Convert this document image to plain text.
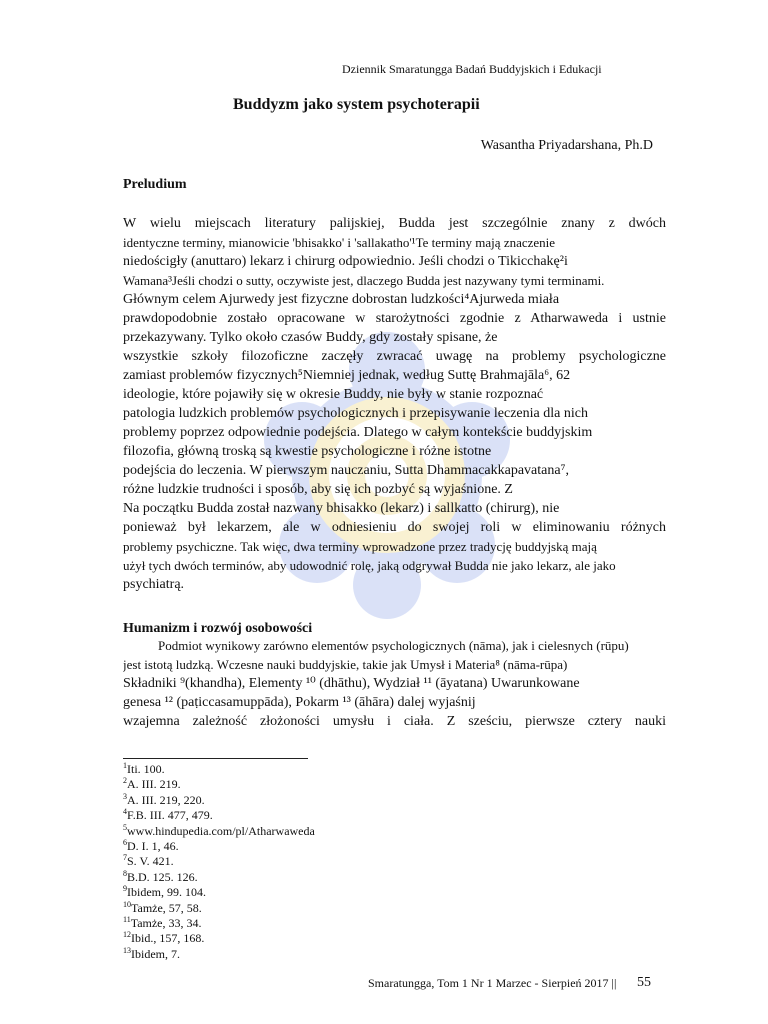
Dziennik Smaratungga Badań Buddyjskich i Edukacji
Buddyzm jako system psychoterapii
Wasantha Priyadarshana, Ph.D
Preludium
W wielu miejscach literatury palijskiej, Budda jest szczególnie znany z dwóch
identyczne terminy, mianowicie 'bhisakko' i 'sallakatho'¹Te terminy mają znaczenie
niedościgły (anuttaro) lekarz i chirurg odpowiednio. Jeśli chodzi o Tikicchakę²i
Wamana³Jeśli chodzi o sutty, oczywiste jest, dlaczego Budda jest nazywany tymi terminami.
Głównym celem Ajurwedy jest fizyczne dobrostan ludzkości⁴Ajurweda miała
prawdopodobnie zostało opracowane w starożytności zgodnie z Atharwaweda i ustnie
przekazywany. Tylko około czasów Buddy, gdy zostały spisane, że
wszystkie szkoły filozoficzne zaczęły zwracać uwagę na problemy psychologiczne
zamiast problemów fizycznych⁵Niemniej jednak, według Suttę Brahmajāla⁶, 62
ideologie, które pojawiły się w okresie Buddy, nie były w stanie rozpoznać
patologia ludzkich problemów psychologicznych i przepisywanie leczenia dla nich
problemy poprzez odpowiednie podejścia. Dlatego w całym kontekście buddyjskim
filozofia, główną troską są kwestie psychologiczne i różne istotne
podejścia do leczenia. W pierwszym nauczaniu, Sutta Dhammacakkapavatana⁷,
różne ludzkie trudności i sposób, aby się ich pozbyć są wyjaśnione. Z
Na początku Budda został nazwany bhisakko (lekarz) i sallkatto (chirurg), nie
ponieważ był lekarzem, ale w odniesieniu do swojej roli w eliminowaniu różnych
problemy psychiczne. Tak więc, dwa terminy wprowadzone przez tradycję buddyjską mają
użył tych dwóch terminów, aby udowodnić rolę, jaką odgrywał Budda nie jako lekarz, ale jako
psychiatrą.
Humanizm i rozwój osobowości
Podmiot wynikowy zarówno elementów psychologicznych (nāma), jak i cielesnych (rūpu)
jest istotą ludzką. Wczesne nauki buddyjskie, takie jak Umysł i Materia⁸ (nāma-rūpa)
Składniki ⁹(khandha), Elementy ¹⁰ (dhāthu), Wydział ¹¹ (āyatana) Uwarunkowane
genesa ¹² (paṭiccasamuppāda), Pokarm ¹³ (āhāra) dalej wyjaśnij
wzajemna zależność złożoności umysłu i ciała. Z sześciu, pierwsze cztery nauki
$^1$Iti. 100.
$^2$A. III. 219.
$^3$A. III. 219, 220.
$^4$F.B. III. 477, 479.
$^5$www.hindupedia.com/pl/Atharwaweda
$^6$D. I. 1, 46.
$^7$S. V. 421.
$^8$B.D. 125. 126.
$^9$Ibidem, 99. 104.
$^{10}$Tamże, 57, 58.
$^{11}$Tamże, 33, 34.
$^{12}$Ibid., 157, 168.
$^{13}$Ibidem, 7.
Smaratungga, Tom 1 Nr 1 Marzec - Sierpień 2017 || 55
